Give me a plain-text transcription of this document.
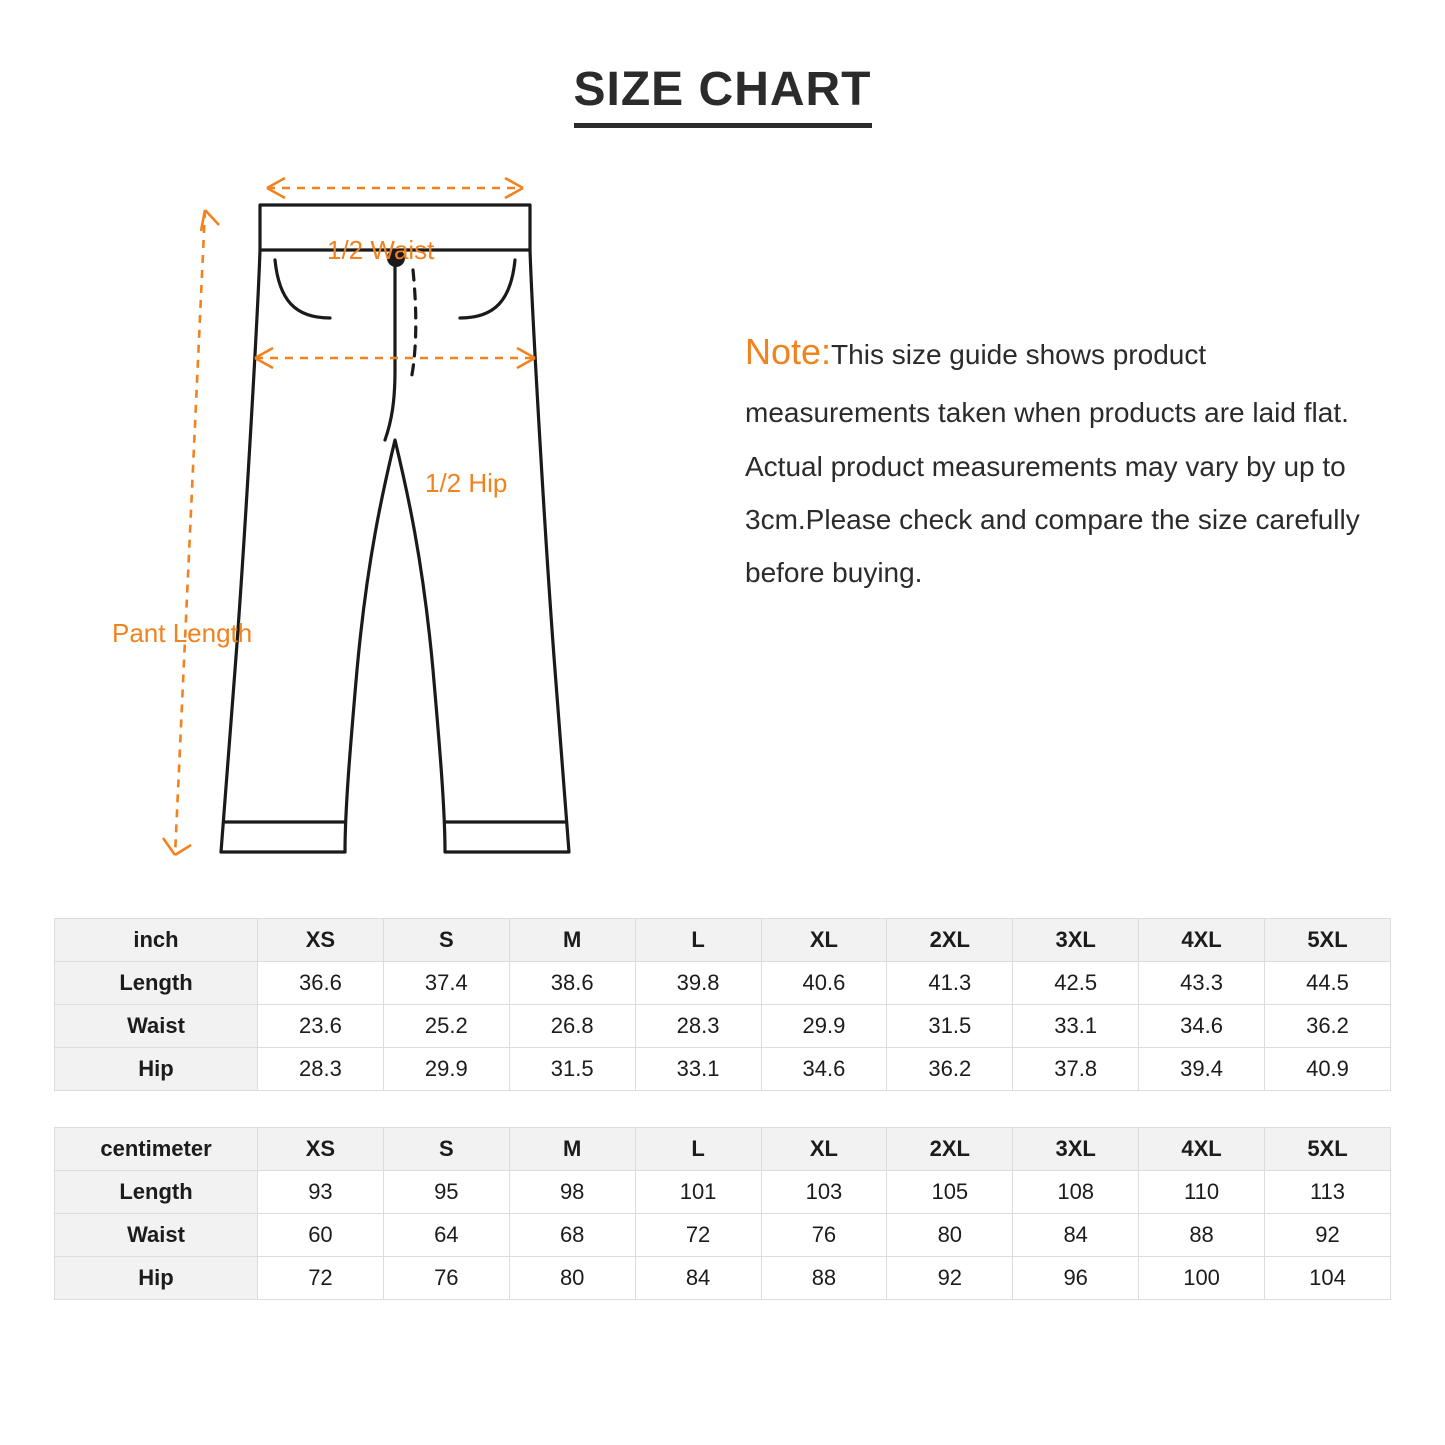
SIZE CHART
1/2 Waist
1/2 Hip
Pant Length
Note:This size guide shows product measurements taken when products are laid flat. Actual product measurements may vary by up to 3cm.Please check and compare the size carefully before buying.
inch	XS	S	M	L	XL	2XL	3XL	4XL	5XL
Length	36.6	37.4	38.6	39.8	40.6	41.3	42.5	43.3	44.5
Waist	23.6	25.2	26.8	28.3	29.9	31.5	33.1	34.6	36.2
Hip	28.3	29.9	31.5	33.1	34.6	36.2	37.8	39.4	40.9
centimeter	XS	S	M	L	XL	2XL	3XL	4XL	5XL
Length	93	95	98	101	103	105	108	110	113
Waist	60	64	68	72	76	80	84	88	92
Hip	72	76	80	84	88	92	96	100	104
